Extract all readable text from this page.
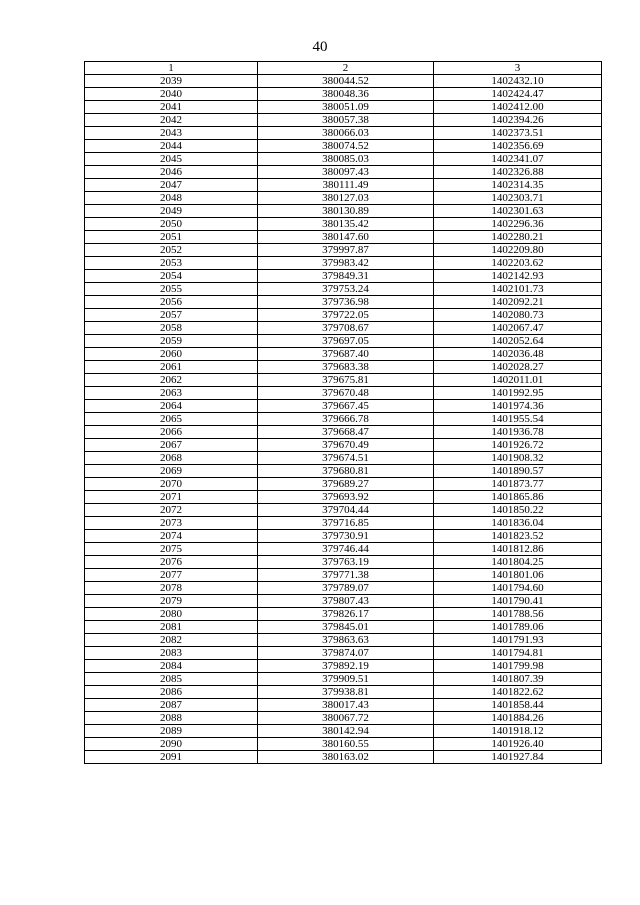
40
1	2	3
2039	380044.52	1402432.10
2040	380048.36	1402424.47
2041	380051.09	1402412.00
2042	380057.38	1402394.26
2043	380066.03	1402373.51
2044	380074.52	1402356.69
2045	380085.03	1402341.07
2046	380097.43	1402326.88
2047	380111.49	1402314.35
2048	380127.03	1402303.71
2049	380130.89	1402301.63
2050	380135.42	1402296.36
2051	380147.60	1402280.21
2052	379997.87	1402209.80
2053	379983.42	1402203.62
2054	379849.31	1402142.93
2055	379753.24	1402101.73
2056	379736.98	1402092.21
2057	379722.05	1402080.73
2058	379708.67	1402067.47
2059	379697.05	1402052.64
2060	379687.40	1402036.48
2061	379683.38	1402028.27
2062	379675.81	1402011.01
2063	379670.48	1401992.95
2064	379667.45	1401974.36
2065	379666.78	1401955.54
2066	379668.47	1401936.78
2067	379670.49	1401926.72
2068	379674.51	1401908.32
2069	379680.81	1401890.57
2070	379689.27	1401873.77
2071	379693.92	1401865.86
2072	379704.44	1401850.22
2073	379716.85	1401836.04
2074	379730.91	1401823.52
2075	379746.44	1401812.86
2076	379763.19	1401804.25
2077	379771.38	1401801.06
2078	379789.07	1401794.60
2079	379807.43	1401790.41
2080	379826.17	1401788.56
2081	379845.01	1401789.06
2082	379863.63	1401791.93
2083	379874.07	1401794.81
2084	379892.19	1401799.98
2085	379909.51	1401807.39
2086	379938.81	1401822.62
2087	380017.43	1401858.44
2088	380067.72	1401884.26
2089	380142.94	1401918.12
2090	380160.55	1401926.40
2091	380163.02	1401927.84
